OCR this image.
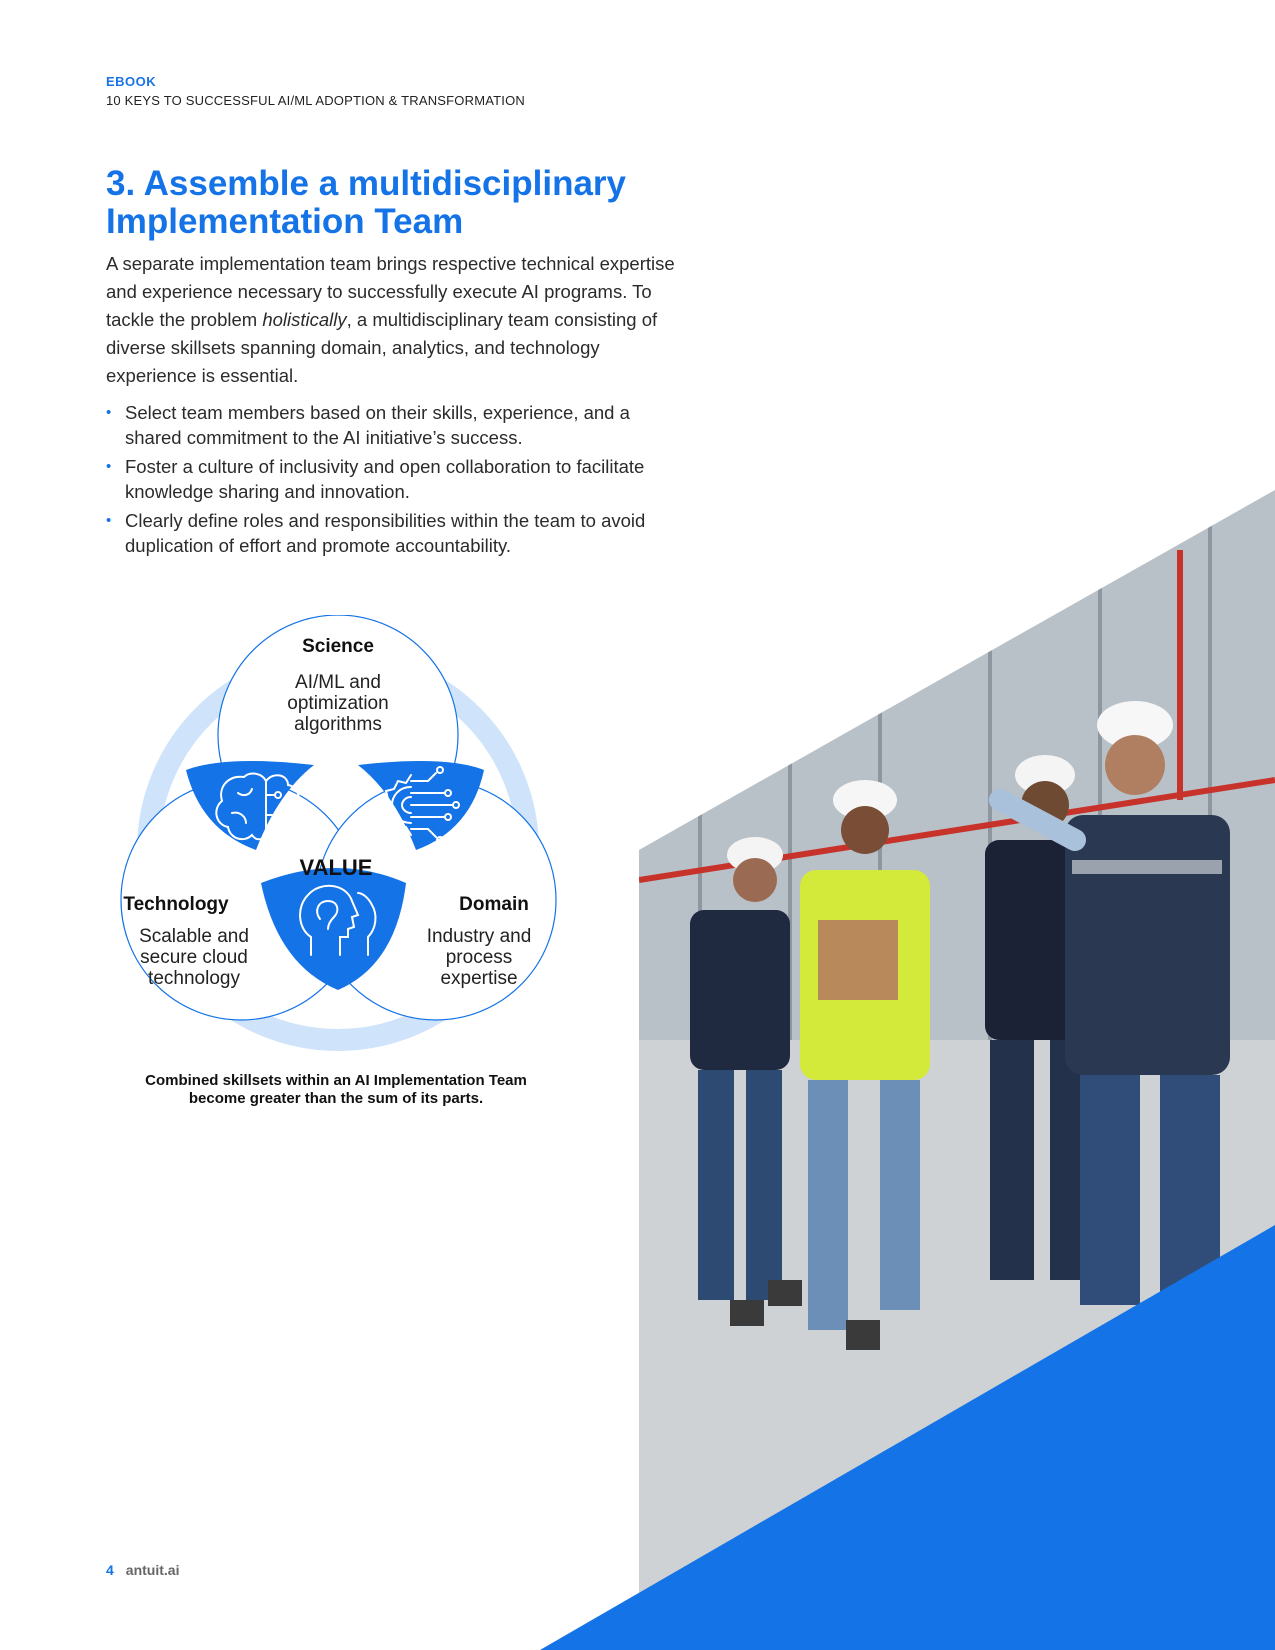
EBOOK
10 KEYS TO SUCCESSFUL AI/ML ADOPTION & TRANSFORMATION
3. Assemble a multidisciplinary Implementation Team

A separate implementation team brings respective technical expertise and experience necessary to successfully execute AI programs. To tackle the problem holistically, a multidisciplinary team consisting of diverse skillsets spanning domain, analytics, and technology experience is essential.

• Select team members based on their skills, experience, and a shared commitment to the AI initiative’s success.
• Foster a culture of inclusivity and open collaboration to facilitate knowledge sharing and innovation.
• Clearly define roles and responsibilities within the team to avoid duplication of effort and promote accountability.
Science
AI/ML and
optimization
algorithms
VALUE
Technology
Scalable and
secure cloud
technology
Domain
Industry and
process
expertise
Combined skillsets within an AI Implementation Team
become greater than the sum of its parts.
4 antuit.ai
